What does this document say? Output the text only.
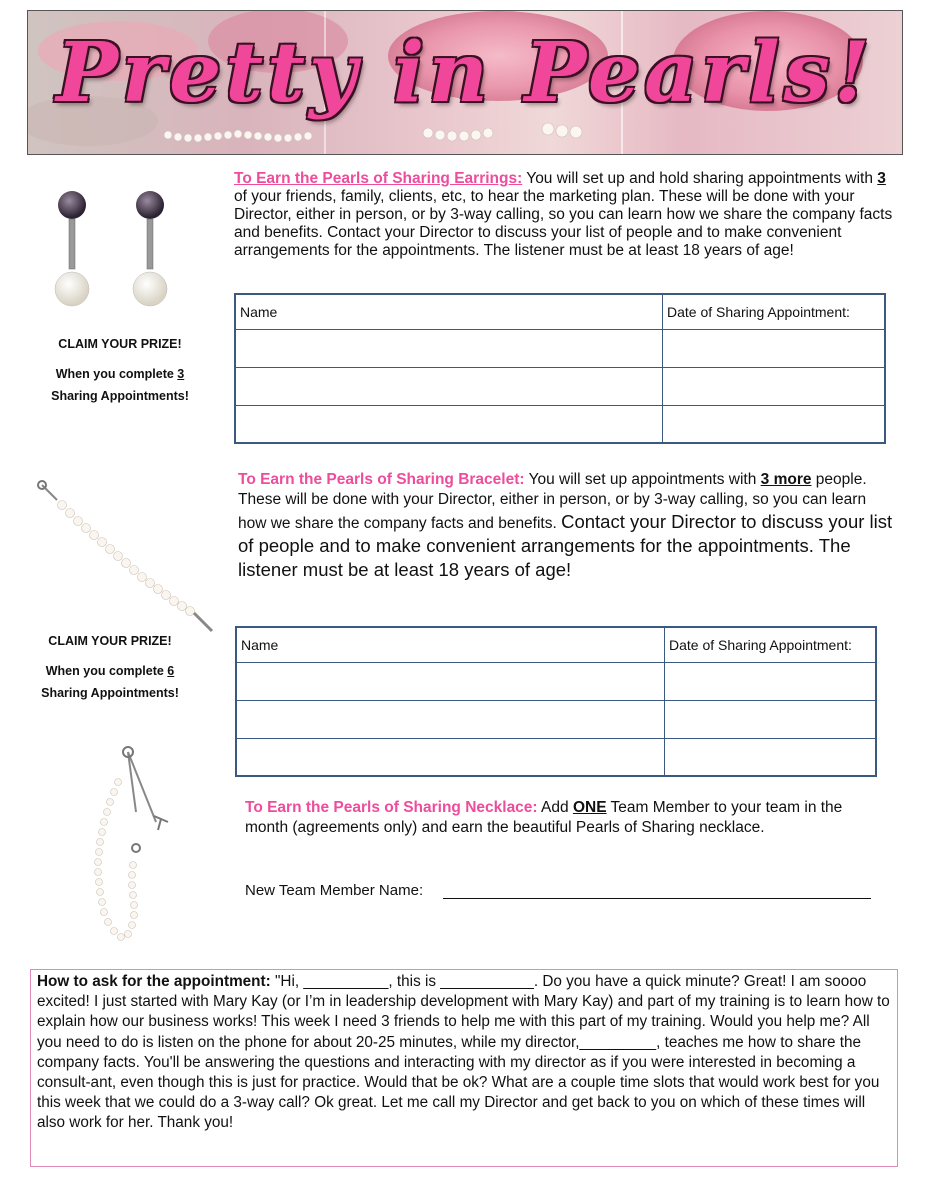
Pretty in Pearls!
CLAIM YOUR PRIZE!
When you complete 3
Sharing Appointments!
To Earn the Pearls of Sharing Earrings: You will set up and hold sharing appointments with 3 of your friends, family, clients, etc, to hear the marketing plan. These will be done with your Director, either in person, or by 3-way calling, so you can learn how we share the company facts and benefits. Contact your Director to discuss your list of people and to make convenient arrangements for the appointments. The listener must be at least 18 years of age!
Name	Date of Sharing Appointment:

CLAIM YOUR PRIZE!
When you complete 6
Sharing Appointments!
To Earn the Pearls of Sharing Bracelet: You will set up appointments with 3 more people. These will be done with your Director, either in person, or by 3-way calling, so you can learn how we share the company facts and benefits. Contact your Director to discuss your list of people and to make convenient arrangements for the appointments. The listener must be at least 18 years of age!
Name	Date of Sharing Appointment:

To Earn the Pearls of Sharing Necklace: Add ONE Team Member to your team in the month (agreements only) and earn the beautiful Pearls of Sharing necklace.
New Team Member Name:
How to ask for the appointment: "Hi, __________, this is ___________. Do you have a quick minute? Great! I am soooo excited! I just started with Mary Kay (or I’m in leadership development with Mary Kay) and part of my training is to learn how to explain how our business works! This week I need 3 friends to help me with this part of my training. Would you help me? All you need to do is listen on the phone for about 20-25 minutes, while my director,_________, teaches me how to share the company facts. You'll be answering the questions and interacting with my director as if you were interested in becoming a consult-ant, even though this is just for practice. Would that be ok? What are a couple time slots that would work best for you this week that we could do a 3-way call? Ok great. Let me call my Director and get back to you on which of these times will also work for her. Thank you!
